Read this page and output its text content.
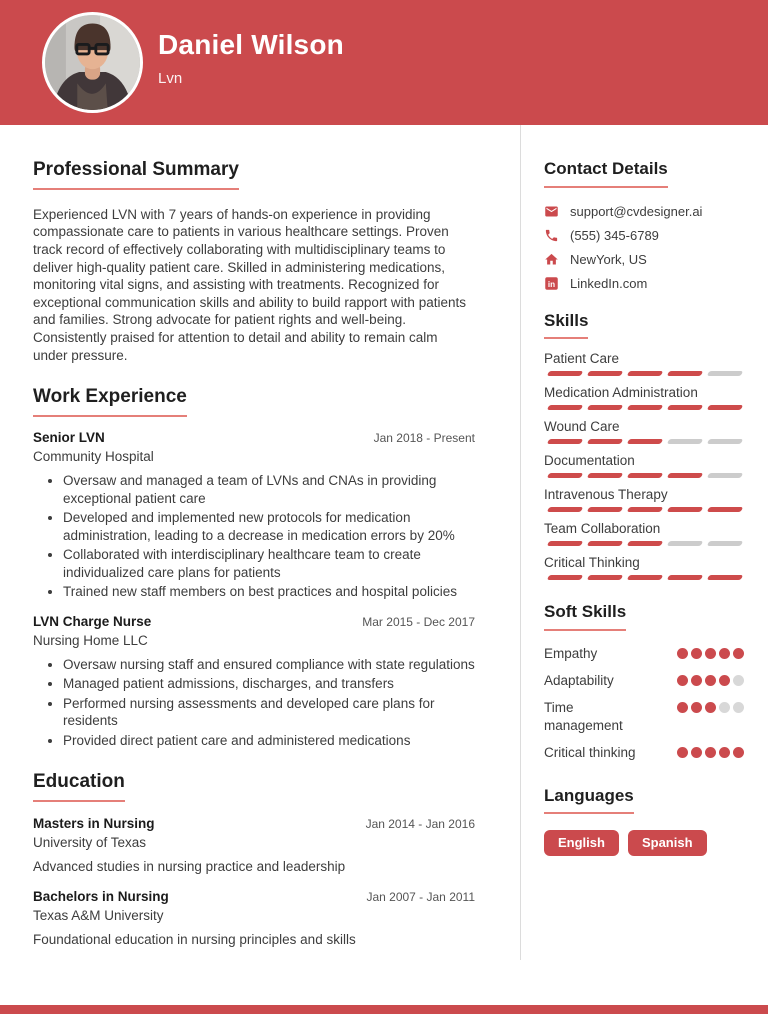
Daniel Wilson
Lvn
Professional Summary

Experienced LVN with 7 years of hands-on experience in providing compassionate care to patients in various healthcare settings. Proven track record of effectively collaborating with multidisciplinary teams to deliver high-quality patient care. Skilled in administering medications, monitoring vital signs, and assisting with treatments. Recognized for exceptional communication skills and ability to build rapport with patients and families. Strong advocate for patient rights and well-being. Consistently praised for attention to detail and ability to remain calm under pressure.

Work Experience
Senior LVN	Jan 2018 - Present
Community Hospital
• Oversaw and managed a team of LVNs and CNAs in providing exceptional patient care
• Developed and implemented new protocols for medication administration, leading to a decrease in medication errors by 20%
• Collaborated with interdisciplinary healthcare team to create individualized care plans for patients
• Trained new staff members on best practices and hospital policies
LVN Charge Nurse	Mar 2015 - Dec 2017
Nursing Home LLC
• Oversaw nursing staff and ensured compliance with state regulations
• Managed patient admissions, discharges, and transfers
• Performed nursing assessments and developed care plans for residents
• Provided direct patient care and administered medications
Education
Masters in Nursing	Jan 2014 - Jan 2016
University of Texas
Advanced studies in nursing practice and leadership
Bachelors in Nursing	Jan 2007 - Jan 2011
Texas A&M University
Foundational education in nursing principles and skills
Contact Details
support@cvdesigner.ai
(555) 345-6789
NewYork, US
in LinkedIn.com
Skills
Patient Care
Medication Administration
Wound Care
Documentation
Intravenous Therapy
Team Collaboration
Critical Thinking
Soft Skills
Empathy
Adaptability
Time management
Critical thinking
Languages
English	Spanish
